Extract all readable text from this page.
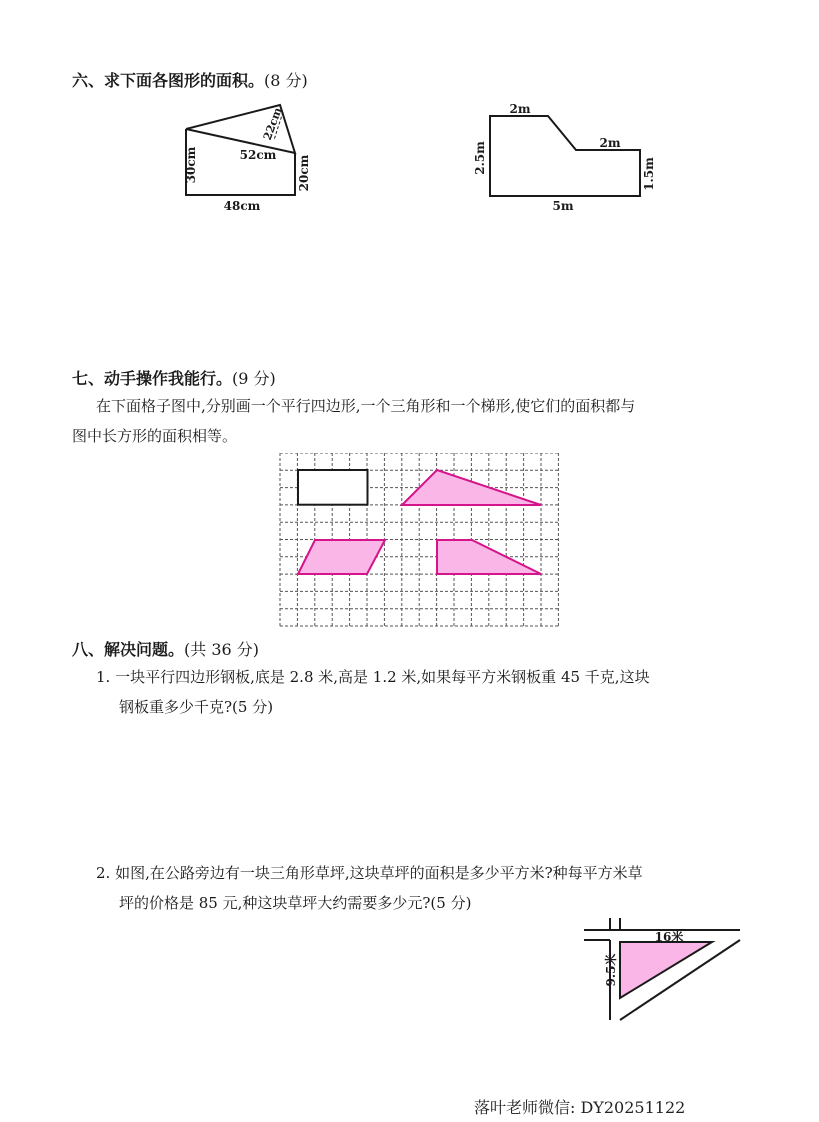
六、求下面各图形的面积。(8 分)
30cm	20cm
48cm
52cm
22cm	2m
2m
2.5m	1.5m
5m
七、动手操作我能行。(9 分)
在下面格子图中,分别画一个平行四边形,一个三角形和一个梯形,使它们的面积都与
图中长方形的面积相等。
八、解决问题。(共 36 分)
1. 一块平行四边形钢板,底是 2.8 米,高是 1.2 米,如果每平方米钢板重 45 千克,这块
钢板重多少千克?(5 分)
2. 如图,在公路旁边有一块三角形草坪,这块草坪的面积是多少平方米?种每平方米草
坪的价格是 85 元,种这块草坪大约需要多少元?(5 分)
16米
9.5米
落叶老师微信: DY20251122
